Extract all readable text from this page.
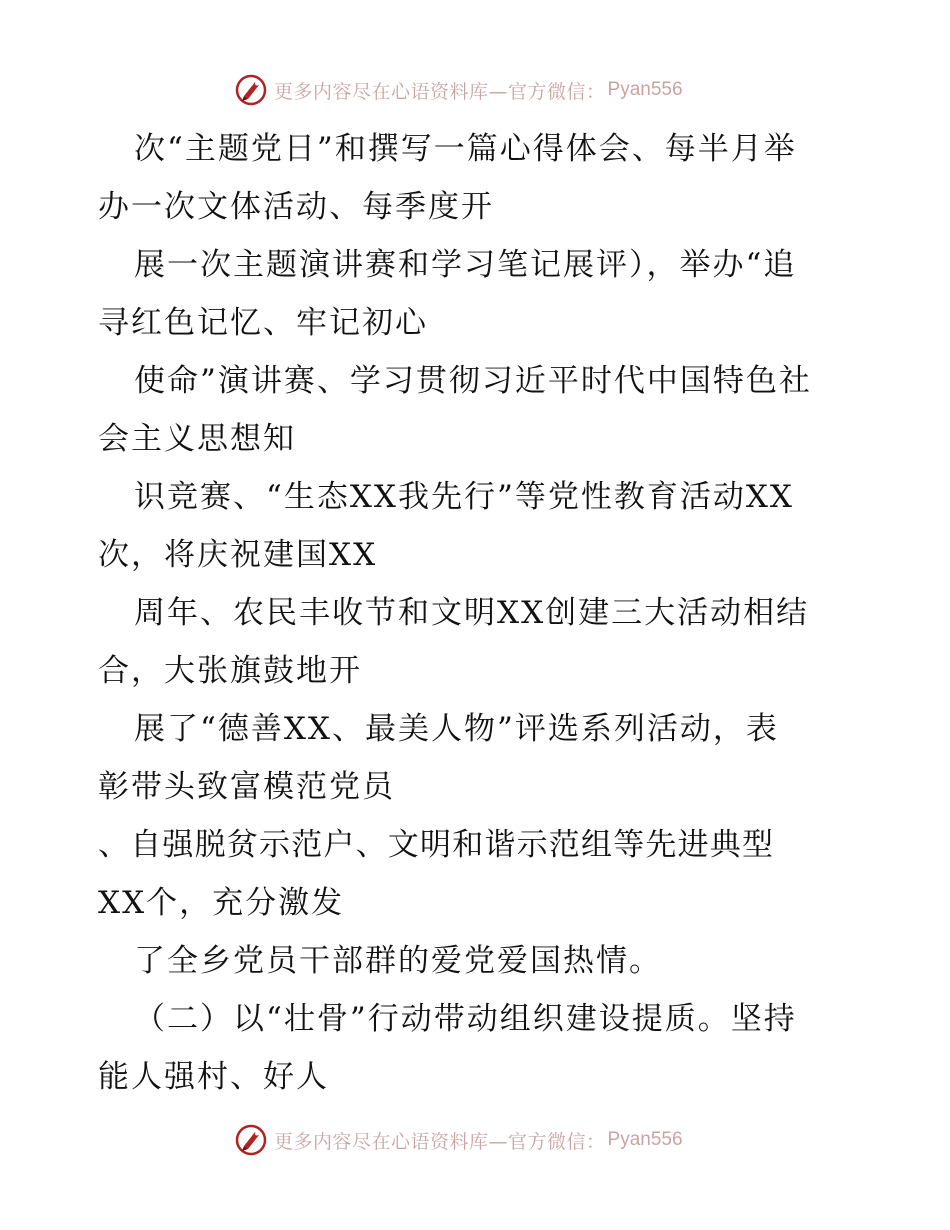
更多内容尽在心语资料库—官方微信： Pyan556
次“主题党日”和撰写一篇心得体会、每半月举
办一次文体活动、每季度开
展一次主题演讲赛和学习笔记展评），举办“追
寻红色记忆、牢记初心
使命”演讲赛、学习贯彻习近平时代中国特色社
会主义思想知
识竞赛、“生态XX我先行”等党性教育活动XX
次，将庆祝建国XX
周年、农民丰收节和文明XX创建三大活动相结
合，大张旗鼓地开
展了“德善XX、最美人物”评选系列活动，表
彰带头致富模范党员
、自强脱贫示范户、文明和谐示范组等先进典型
XX个，充分激发
了全乡党员干部群的爱党爱国热情。
（二）以“壮骨”行动带动组织建设提质。坚持
能人强村、好人
更多内容尽在心语资料库—官方微信： Pyan556
